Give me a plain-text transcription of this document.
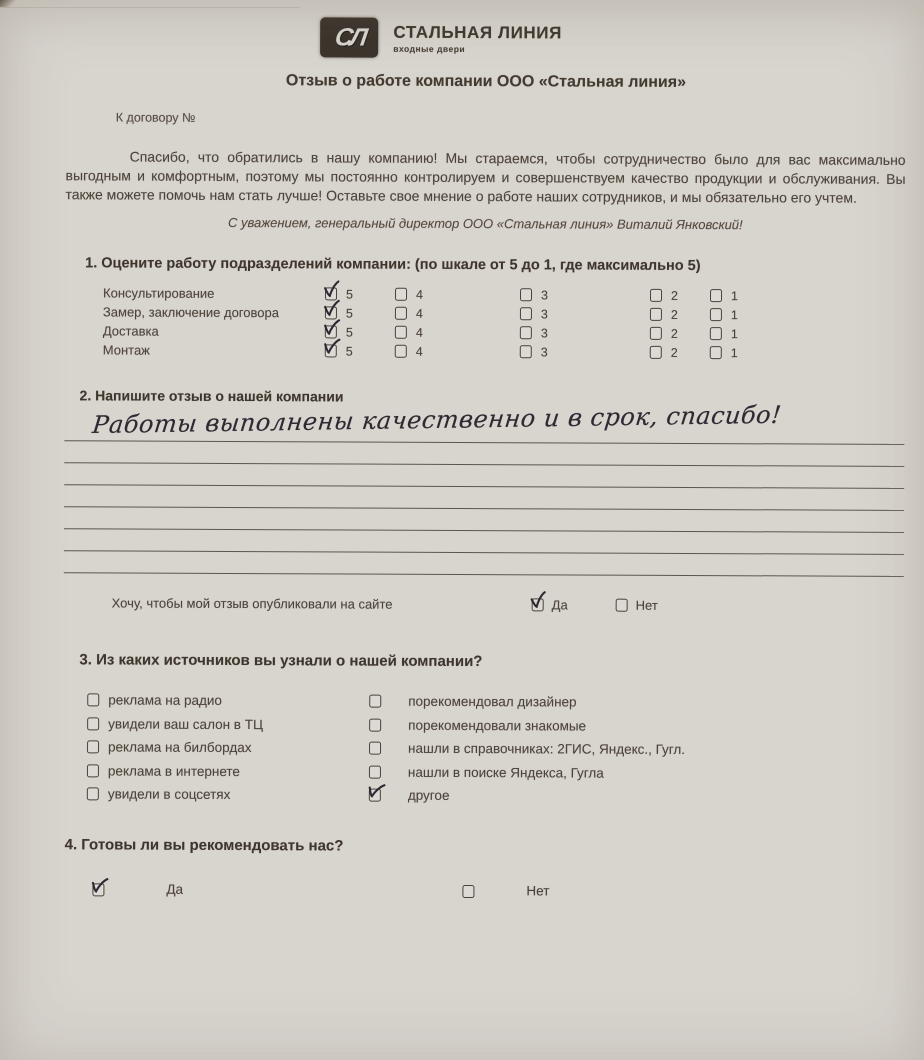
СЛ СТАЛЬНАЯ ЛИНИЯ
входные двери
Отзыв о работе компании ООО «Стальная линия»
К договору №

Спасибо, что обратились в нашу компанию! Мы стараемся, чтобы сотрудничество было для вас максимально выгодным и комфортным, поэтому мы постоянно контролируем и совершенствуем качество продукции и обслуживания. Вы также можете помочь нам стать лучше! Оставьте свое мнение о работе наших сотрудников, и мы обязательно его учтем.

С уважением, генеральный директор ООО «Стальная линия» Виталий Янковский!

1. Оцените работу подразделений компании: (по шкале от 5 до 1, где максимально 5)
Консультирование	5	4	3	2	1
Замер, заключение договора	5	4	3	2	1
Доставка	5	4	3	2	1
Монтаж	5	4	3	2	1
2. Напишите отзыв о нашей компании
Работы выполнены качественно и в срок, спасибо!
Хочу, чтобы мой отзыв опубликовали на сайте	Да	Нет
3. Из каких источников вы узнали о нашей компании?
реклама на радио
увидели ваш салон в ТЦ
реклама на билбордах
реклама в интернете
увидели в соцсетях
порекомендовал дизайнер
порекомендовали знакомые
нашли в справочниках: 2ГИС, Яндекс., Гугл.
нашли в поиске Яндекса, Гугла
другое
4. Готовы ли вы рекомендовать нас?
Да	Нет
